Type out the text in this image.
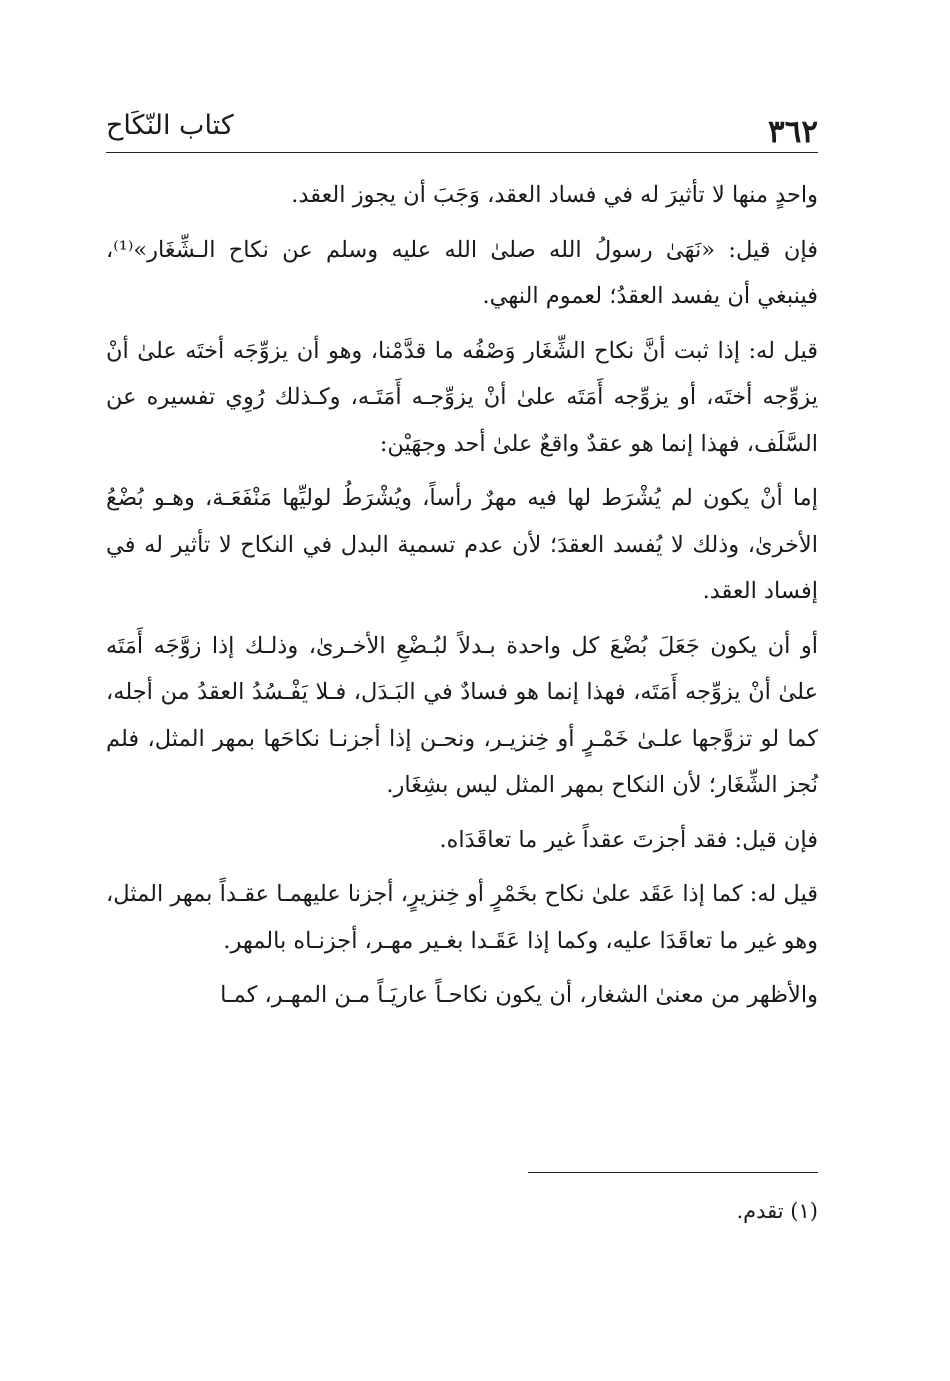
٣٦٢
كتاب النّكَاح

واحدٍ منها لا تأثيرَ له في فساد العقد، وَجَبَ أن يجوز العقد.

فإن قيل: «نَهَىٰ رسولُ الله صلىٰ الله عليه وسلم عن نكاح الـشِّغَار»⁽¹⁾، فينبغي أن يفسد العقدُ؛ لعموم النهي.

قيل له: إذا ثبت أنَّ نكاح الشِّغَار وَصْفُه ما قدَّمْنا، وهو أن يزوِّجَه أختَه علىٰ أنْ يزوِّجه أختَه، أو يزوِّجه أَمَتَه علىٰ أنْ يزوِّجـه أَمَتَـه، وكـذلك رُوِي تفسيره عن السَّلَف، فهذا إنما هو عقدٌ واقعٌ علىٰ أحد وجهَيْن:

إما أنْ يكون لم يُشْرَط لها فيه مهرٌ رأساً، ويُشْرَطُ لوليِّها مَنْفَعَـة، وهـو بُضْعُ الأخرىٰ، وذلك لا يُفسد العقدَ؛ لأن عدم تسمية البدل في النكاح لا تأثير له في إفساد العقد.

أو أن يكون جَعَلَ بُضْعَ كل واحدة بـدلاً لبُـضْعِ الأخـرىٰ، وذلـك إذا زوَّجَه أَمَتَه علىٰ أنْ يزوِّجه أَمَتَه، فهذا إنما هو فسادٌ في البَـدَل، فـلا يَفْـسُدُ العقدُ من أجله، كما لو تزوَّجها علـىٰ خَمْـرٍ أو خِنزيـر، ونحـن إذا أجزنـا نكاحَها بمهر المثل، فلم نُجز الشِّغَار؛ لأن النكاح بمهر المثل ليس بشِغَار.

فإن قيل: فقد أجزتَ عقداً غير ما تعاقَدَاه.

قيل له: كما إذا عَقَد علىٰ نكاح بخَمْرٍ أو خِنزيرٍ، أجزنا عليهمـا عقـداً بمهر المثل، وهو غير ما تعاقَدَا عليه، وكما إذا عَقَـدا بغـير مهـر، أجزنـاه بالمهر.

والأظهر من معنىٰ الشغار، أن يكون نكاحـاً عاريَـاً مـن المهـر، كمـا

(١) تقدم.
